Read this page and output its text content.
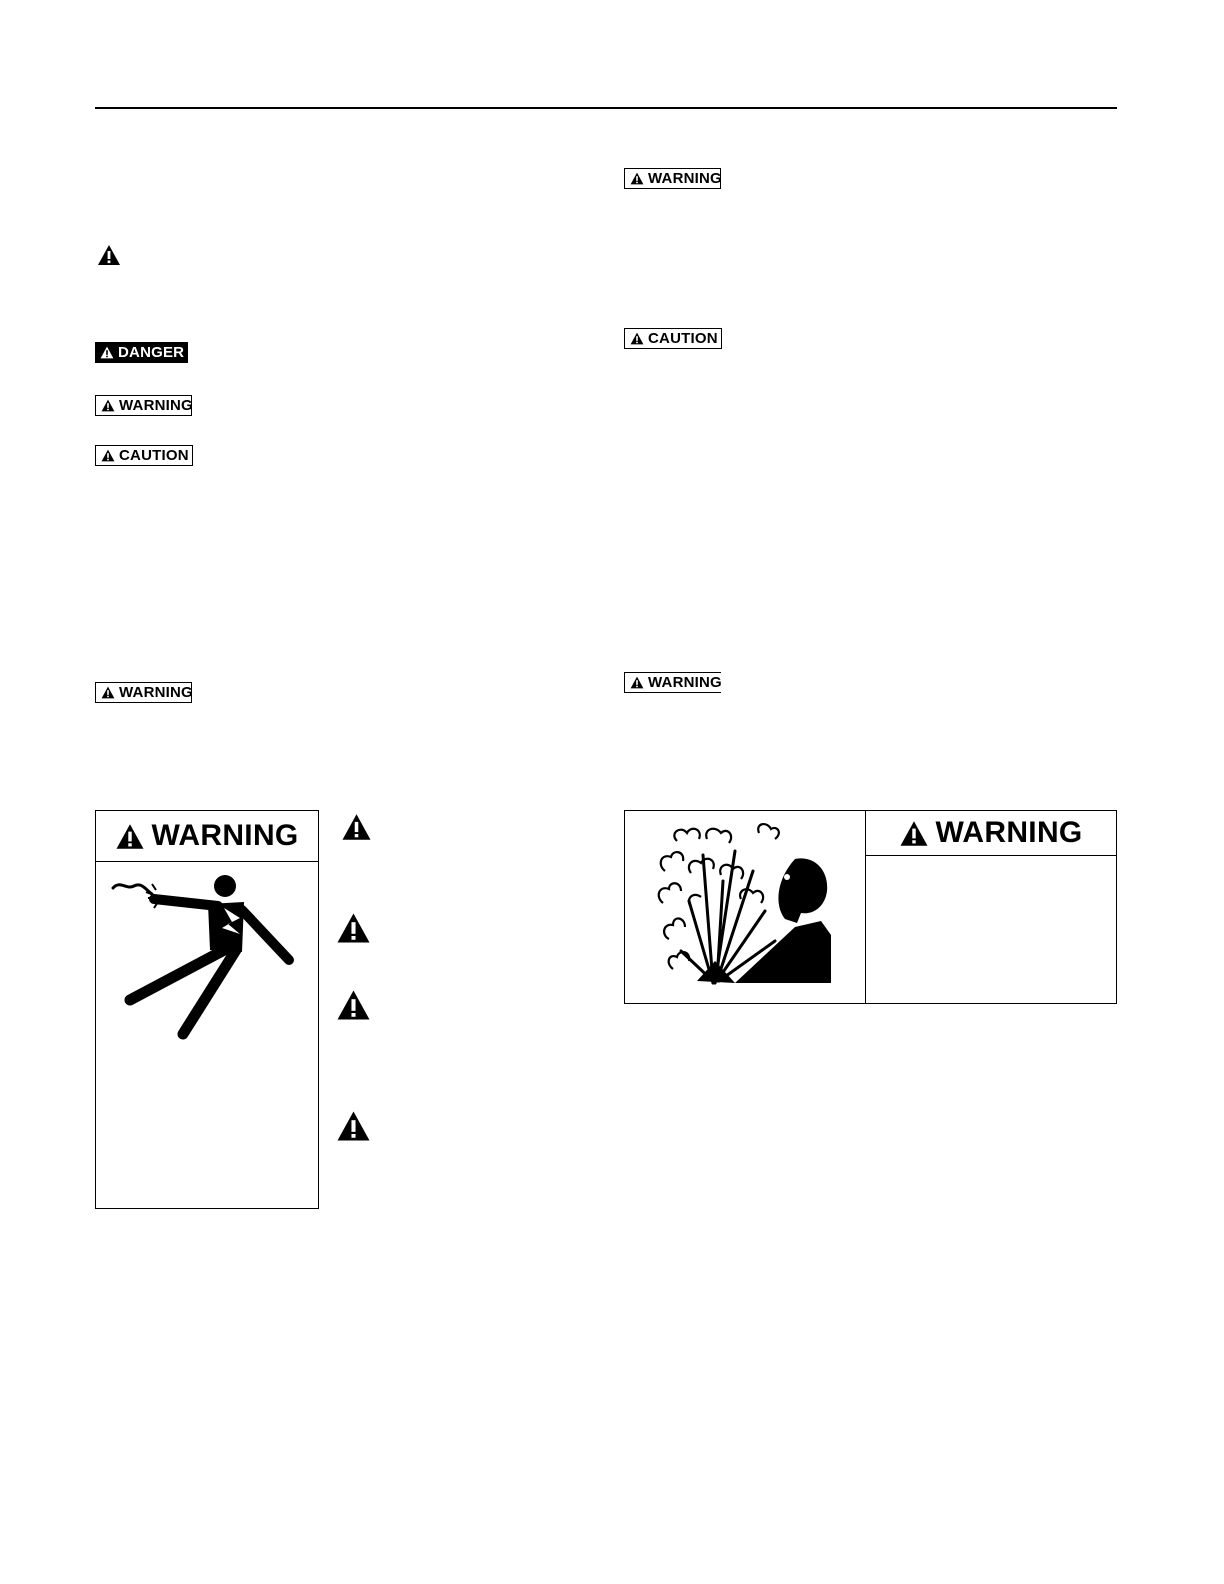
DANGER
WARNING
CAUTION
WARNING
WARNING
WARNING
CAUTION
WARNING
WARNING
